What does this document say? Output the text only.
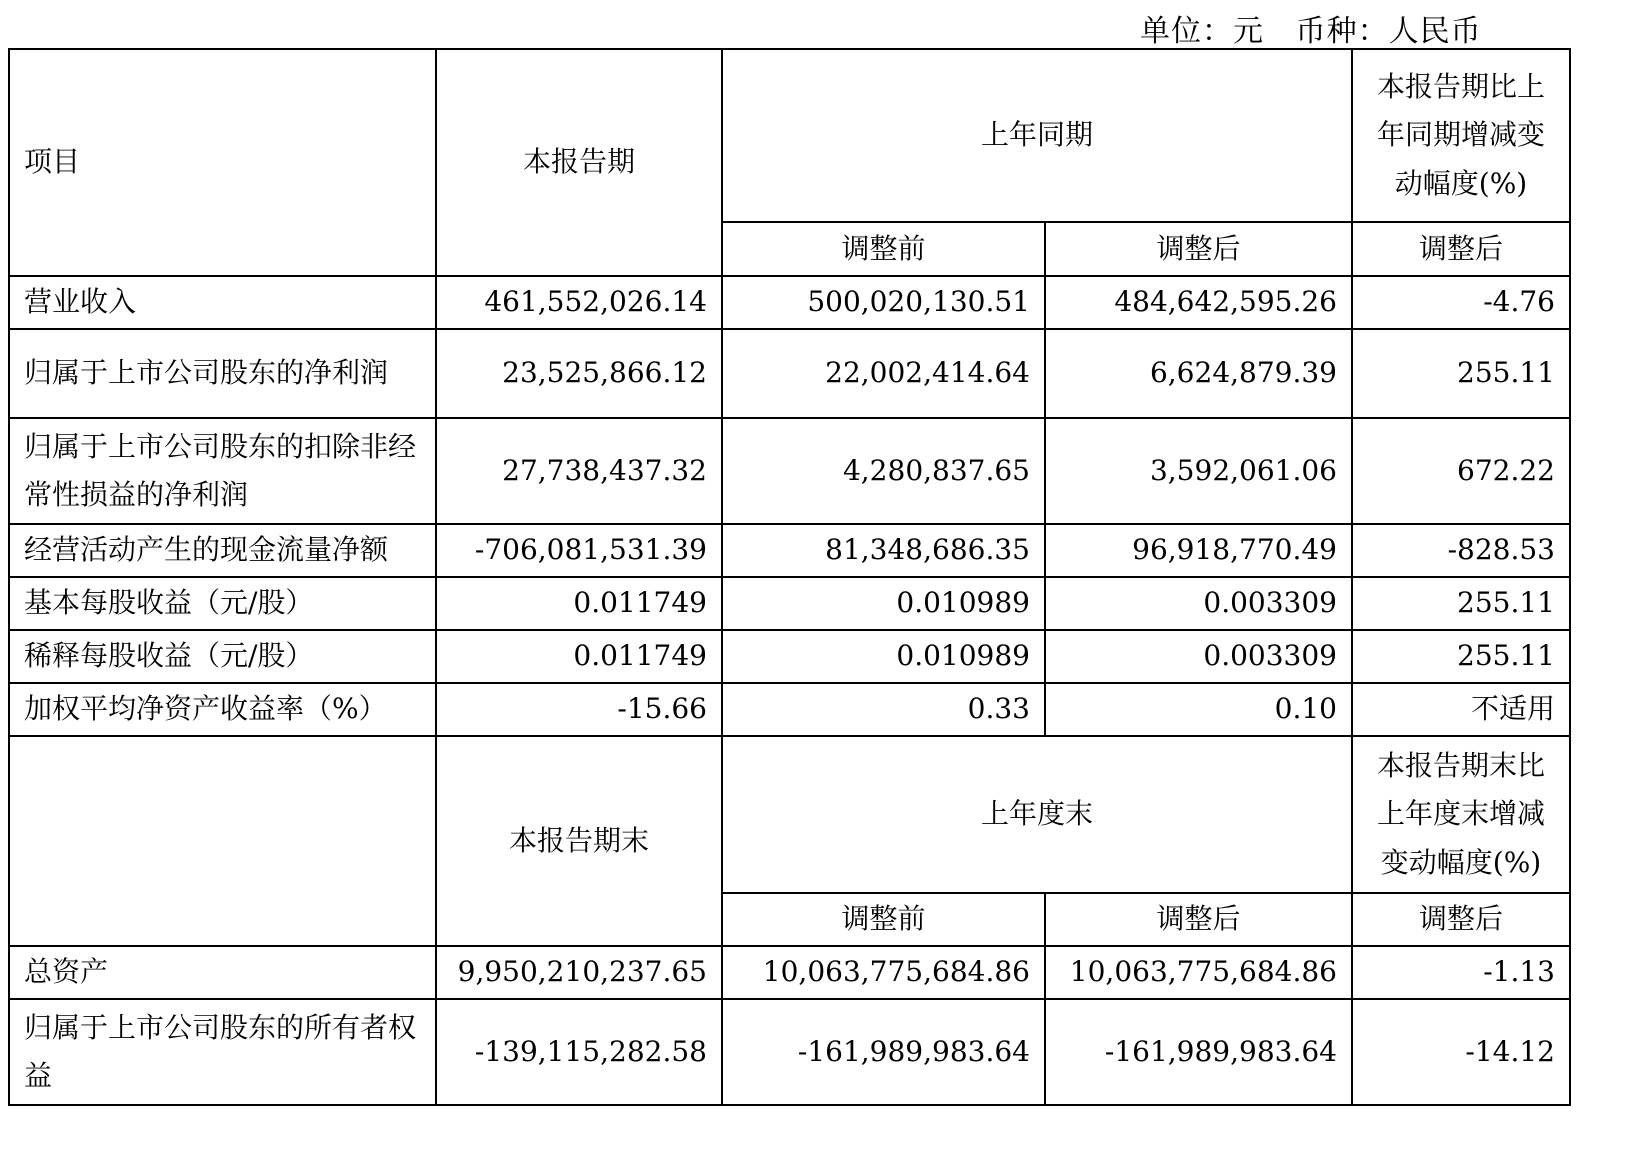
单位：元   币种：人民币
项目	本报告期	上年同期		本报告期比上年同期增减变动幅度(%)
		调整前	调整后	调整后
营业收入	461,552,026.14	500,020,130.51	484,642,595.26	-4.76
归属于上市公司股东的净利润	23,525,866.12	22,002,414.64	6,624,879.39	255.11
归属于上市公司股东的扣除非经常性损益的净利润	27,738,437.32	4,280,837.65	3,592,061.06	672.22
经营活动产生的现金流量净额	-706,081,531.39	81,348,686.35	96,918,770.49	-828.53
基本每股收益（元/股）	0.011749	0.010989	0.003309	255.11
稀释每股收益（元/股）	0.011749	0.010989	0.003309	255.11
加权平均净资产收益率（%）	-15.66	0.33	0.10	不适用
	本报告期末	上年度末		本报告期末比上年度末增减变动幅度(%)
		调整前	调整后	调整后
总资产	9,950,210,237.65	10,063,775,684.86	10,063,775,684.86	-1.13
归属于上市公司股东的所有者权益	-139,115,282.58	-161,989,983.64	-161,989,983.64	-14.12
